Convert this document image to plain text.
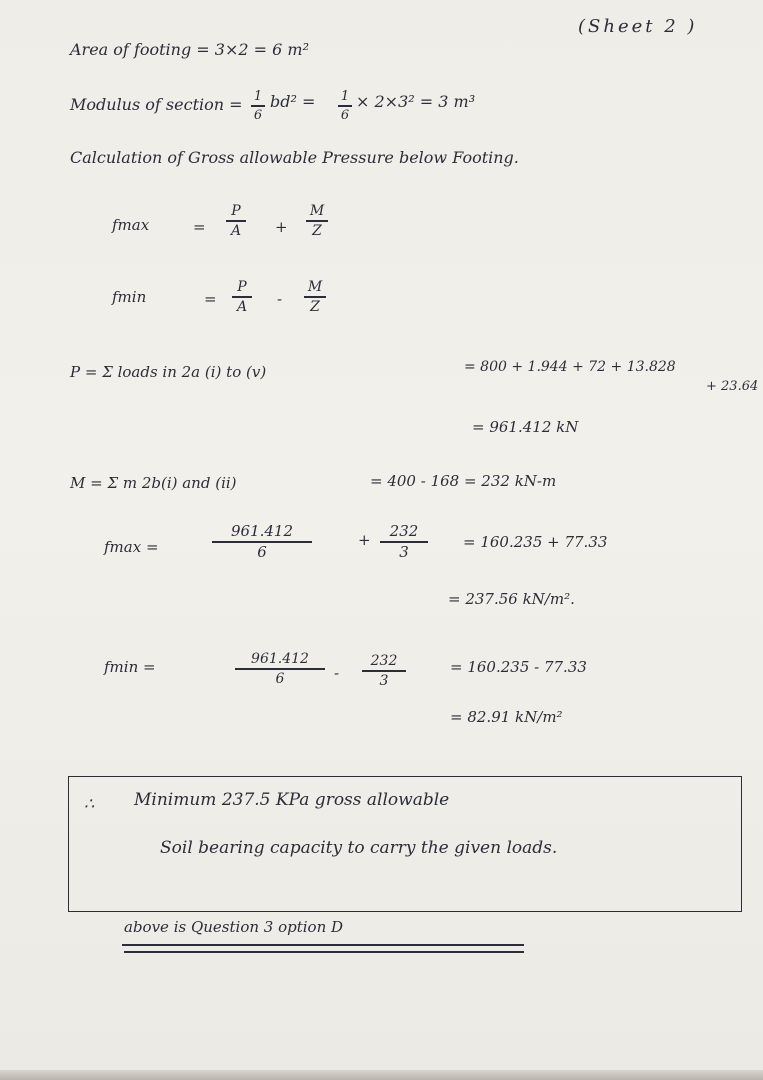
(Sheet 2 )
Area of footing = 3×2 = 6 m²
Modulus of section = 1
6
bd² = 1
6
× 2×3² = 3 m³
Calculation of Gross allowable Pressure below Footing.
fmax	=
P
A	+
M
Z
fmin	=
P
A	-
M
Z
P = Σ loads in 2a (i) to (v)	= 800 + 1.944 + 72 + 13.828
+ 23.64
= 961.412 kN
M = Σ m 2b(i) and (ii)	= 400 - 168 = 232 kN-m
fmax =
961.412
6
+	232
3
= 160.235 + 77.33
= 237.56 kN/m².
fmin =	961.412
6	-
232
3
= 160.235 - 77.33
= 82.91 kN/m²
∴ Minimum 237.5 KPa gross allowable
Soil bearing capacity to carry the given loads.
above is Question 3 option D
